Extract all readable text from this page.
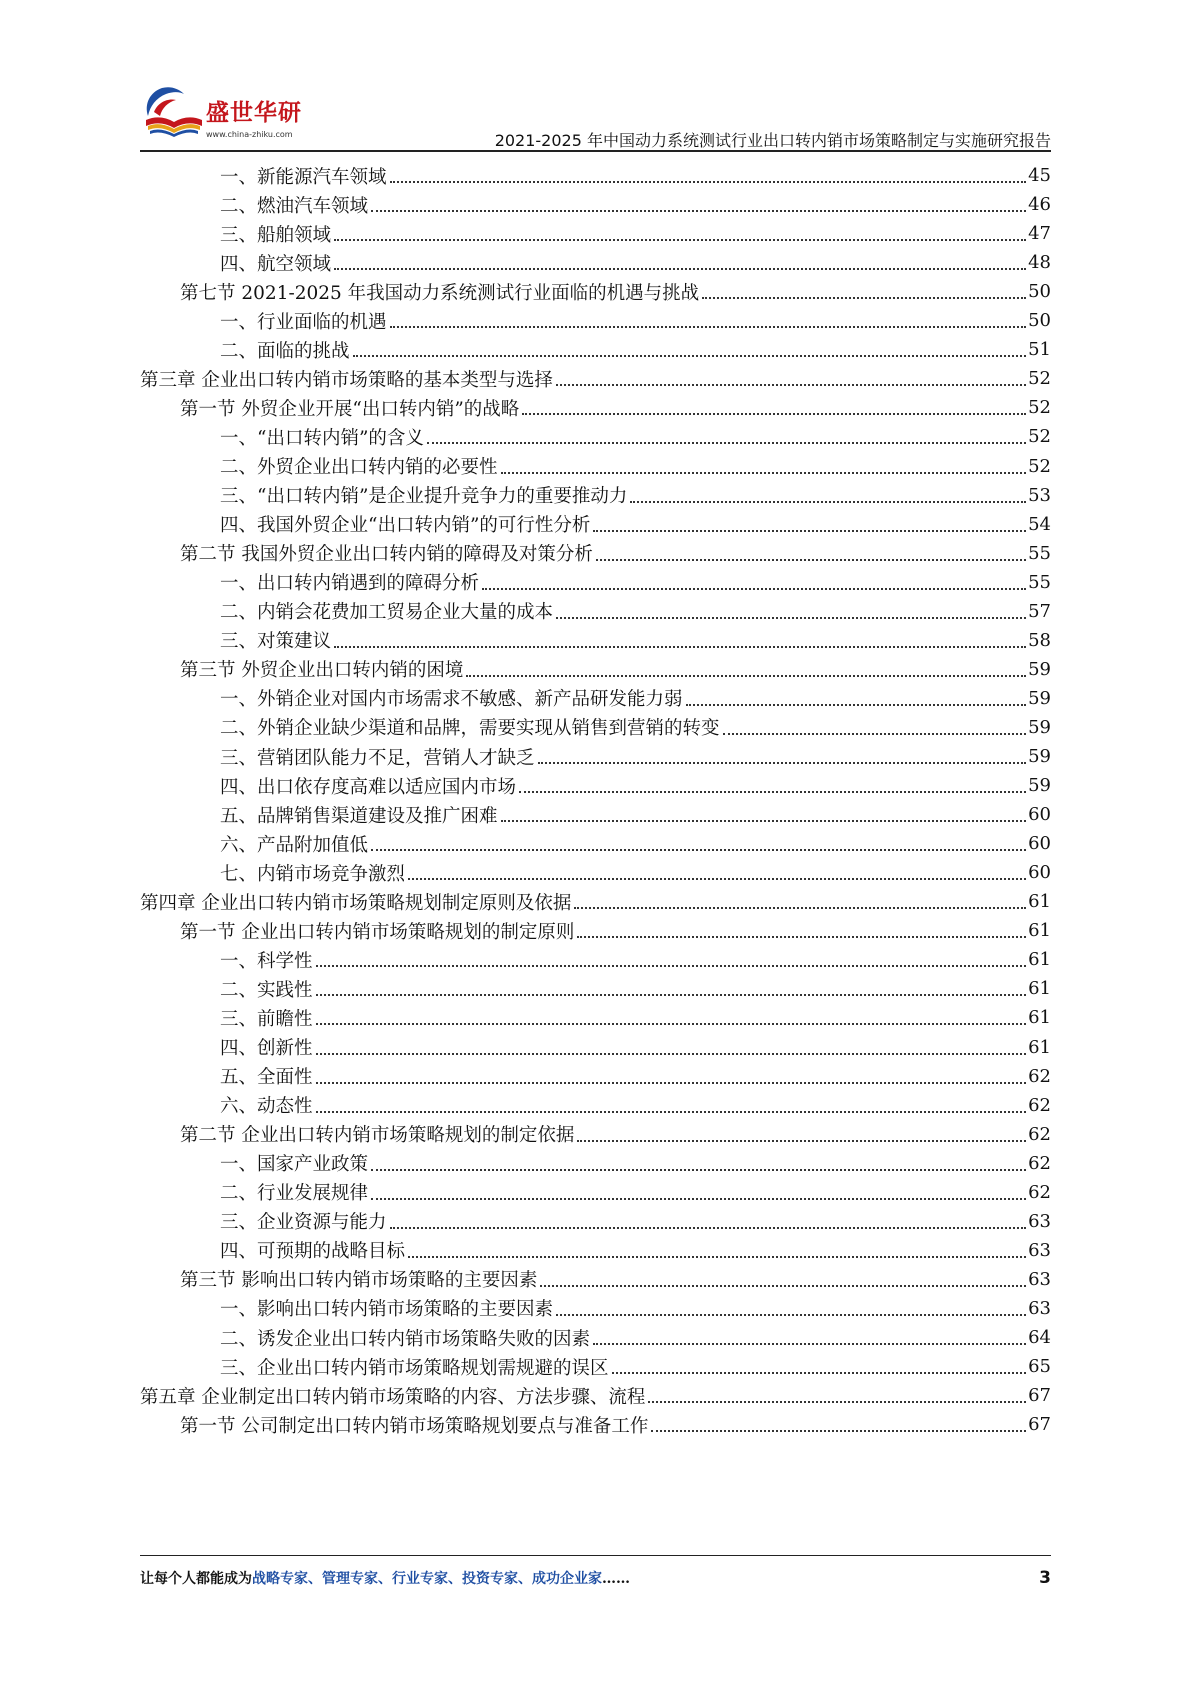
盛世华研
www.china-zhiku.com	2021-2025 年中国动力系统测试行业出口转内销市场策略制定与实施研究报告
一、新能源汽车领域	45
二、燃油汽车领域	46
三、船舶领域	47
四、航空领域	48
第七节 2021-2025 年我国动力系统测试行业面临的机遇与挑战	50
一、行业面临的机遇	50
二、面临的挑战	51
第三章 企业出口转内销市场策略的基本类型与选择	52
第一节 外贸企业开展“出口转内销”的战略	52
一、“出口转内销”的含义	52
二、外贸企业出口转内销的必要性	52
三、“出口转内销”是企业提升竞争力的重要推动力	53
四、我国外贸企业“出口转内销”的可行性分析	54
第二节 我国外贸企业出口转内销的障碍及对策分析	55
一、出口转内销遇到的障碍分析	55
二、内销会花费加工贸易企业大量的成本	57
三、对策建议	58
第三节 外贸企业出口转内销的困境	59
一、外销企业对国内市场需求不敏感、新产品研发能力弱	59
二、外销企业缺少渠道和品牌，需要实现从销售到营销的转变	59
三、营销团队能力不足，营销人才缺乏	59
四、出口依存度高难以适应国内市场	59
五、品牌销售渠道建设及推广困难	60
六、产品附加值低	60
七、内销市场竞争激烈	60
第四章 企业出口转内销市场策略规划制定原则及依据	61
第一节 企业出口转内销市场策略规划的制定原则	61
一、科学性	61
二、实践性	61
三、前瞻性	61
四、创新性	61
五、全面性	62
六、动态性	62
第二节 企业出口转内销市场策略规划的制定依据	62
一、国家产业政策	62
二、行业发展规律	62
三、企业资源与能力	63
四、可预期的战略目标	63
第三节 影响出口转内销市场策略的主要因素	63
一、影响出口转内销市场策略的主要因素	63
二、诱发企业出口转内销市场策略失败的因素	64
三、企业出口转内销市场策略规划需规避的误区	65
第五章 企业制定出口转内销市场策略的内容、方法步骤、流程	67
第一节 公司制定出口转内销市场策略规划要点与准备工作	67
让每个人都能成为战略专家、管理专家、行业专家、投资专家、成功企业家……	3
